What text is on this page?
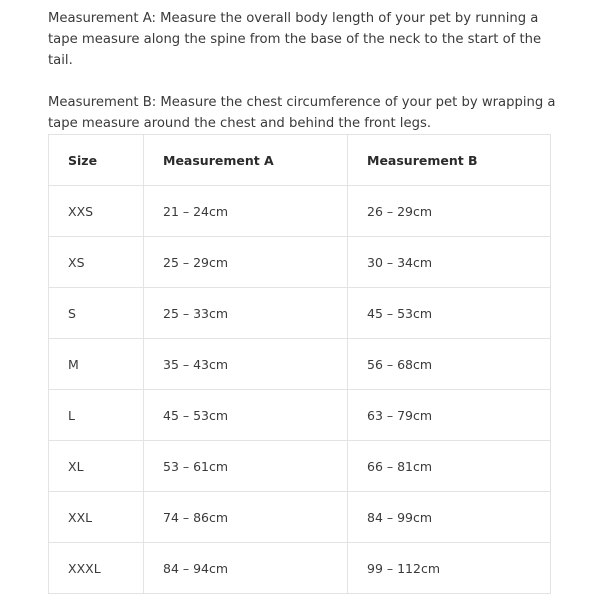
Measurement A: Measure the overall body length of your pet by running a tape measure along the spine from the base of the neck to the start of the tail.

Measurement B: Measure the chest circumference of your pet by wrapping a tape measure around the chest and behind the front legs.

Size	Measurement A	Measurement B
XXS	21 – 24cm	26 – 29cm
XS	25 – 29cm	30 – 34cm
S	25 – 33cm	45 – 53cm
M	35 – 43cm	56 – 68cm
L	45 – 53cm	63 – 79cm
XL	53 – 61cm	66 – 81cm
XXL	74 – 86cm	84 – 99cm
XXXL	84 – 94cm	99 – 112cm
